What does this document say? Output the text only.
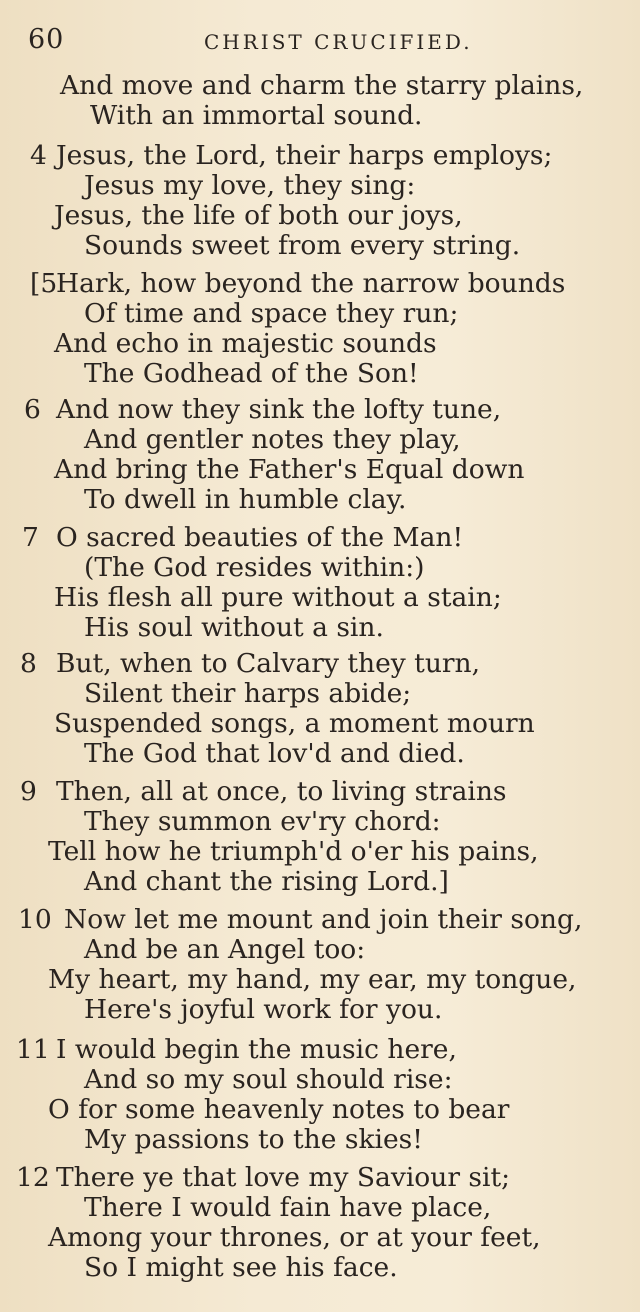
60	CHRIST CRUCIFIED.
And move and charm the starry plains,
With an immortal sound.
4 Jesus, the Lord, their harps employs;
Jesus my love, they sing:
Jesus, the life of both our joys,
Sounds sweet from every string.
[5
Hark, how beyond the narrow bounds
Of time and space they run;
And echo in majestic sounds
The Godhead of the Son!
6 And now they sink the lofty tune,
And gentler notes they play,
And bring the Father's Equal down
To dwell in humble clay.
7 O sacred beauties of the Man!
(The God resides within:)
His flesh all pure without a stain;
His soul without a sin.
8 But, when to Calvary they turn,
Silent their harps abide;
Suspended songs, a moment mourn
The God that lov'd and died.
9 Then, all at once, to living strains
They summon ev'ry chord:
Tell how he triumph'd o'er his pains,
And chant the rising Lord.]
10 Now let me mount and join their song,
And be an Angel too:
My heart, my hand, my ear, my tongue,
Here's joyful work for you.
11 I would begin the music here,
And so my soul should rise:
O for some heavenly notes to bear
My passions to the skies!
12 There ye that love my Saviour sit;
There I would fain have place,
Among your thrones, or at your feet,
So I might see his face.
